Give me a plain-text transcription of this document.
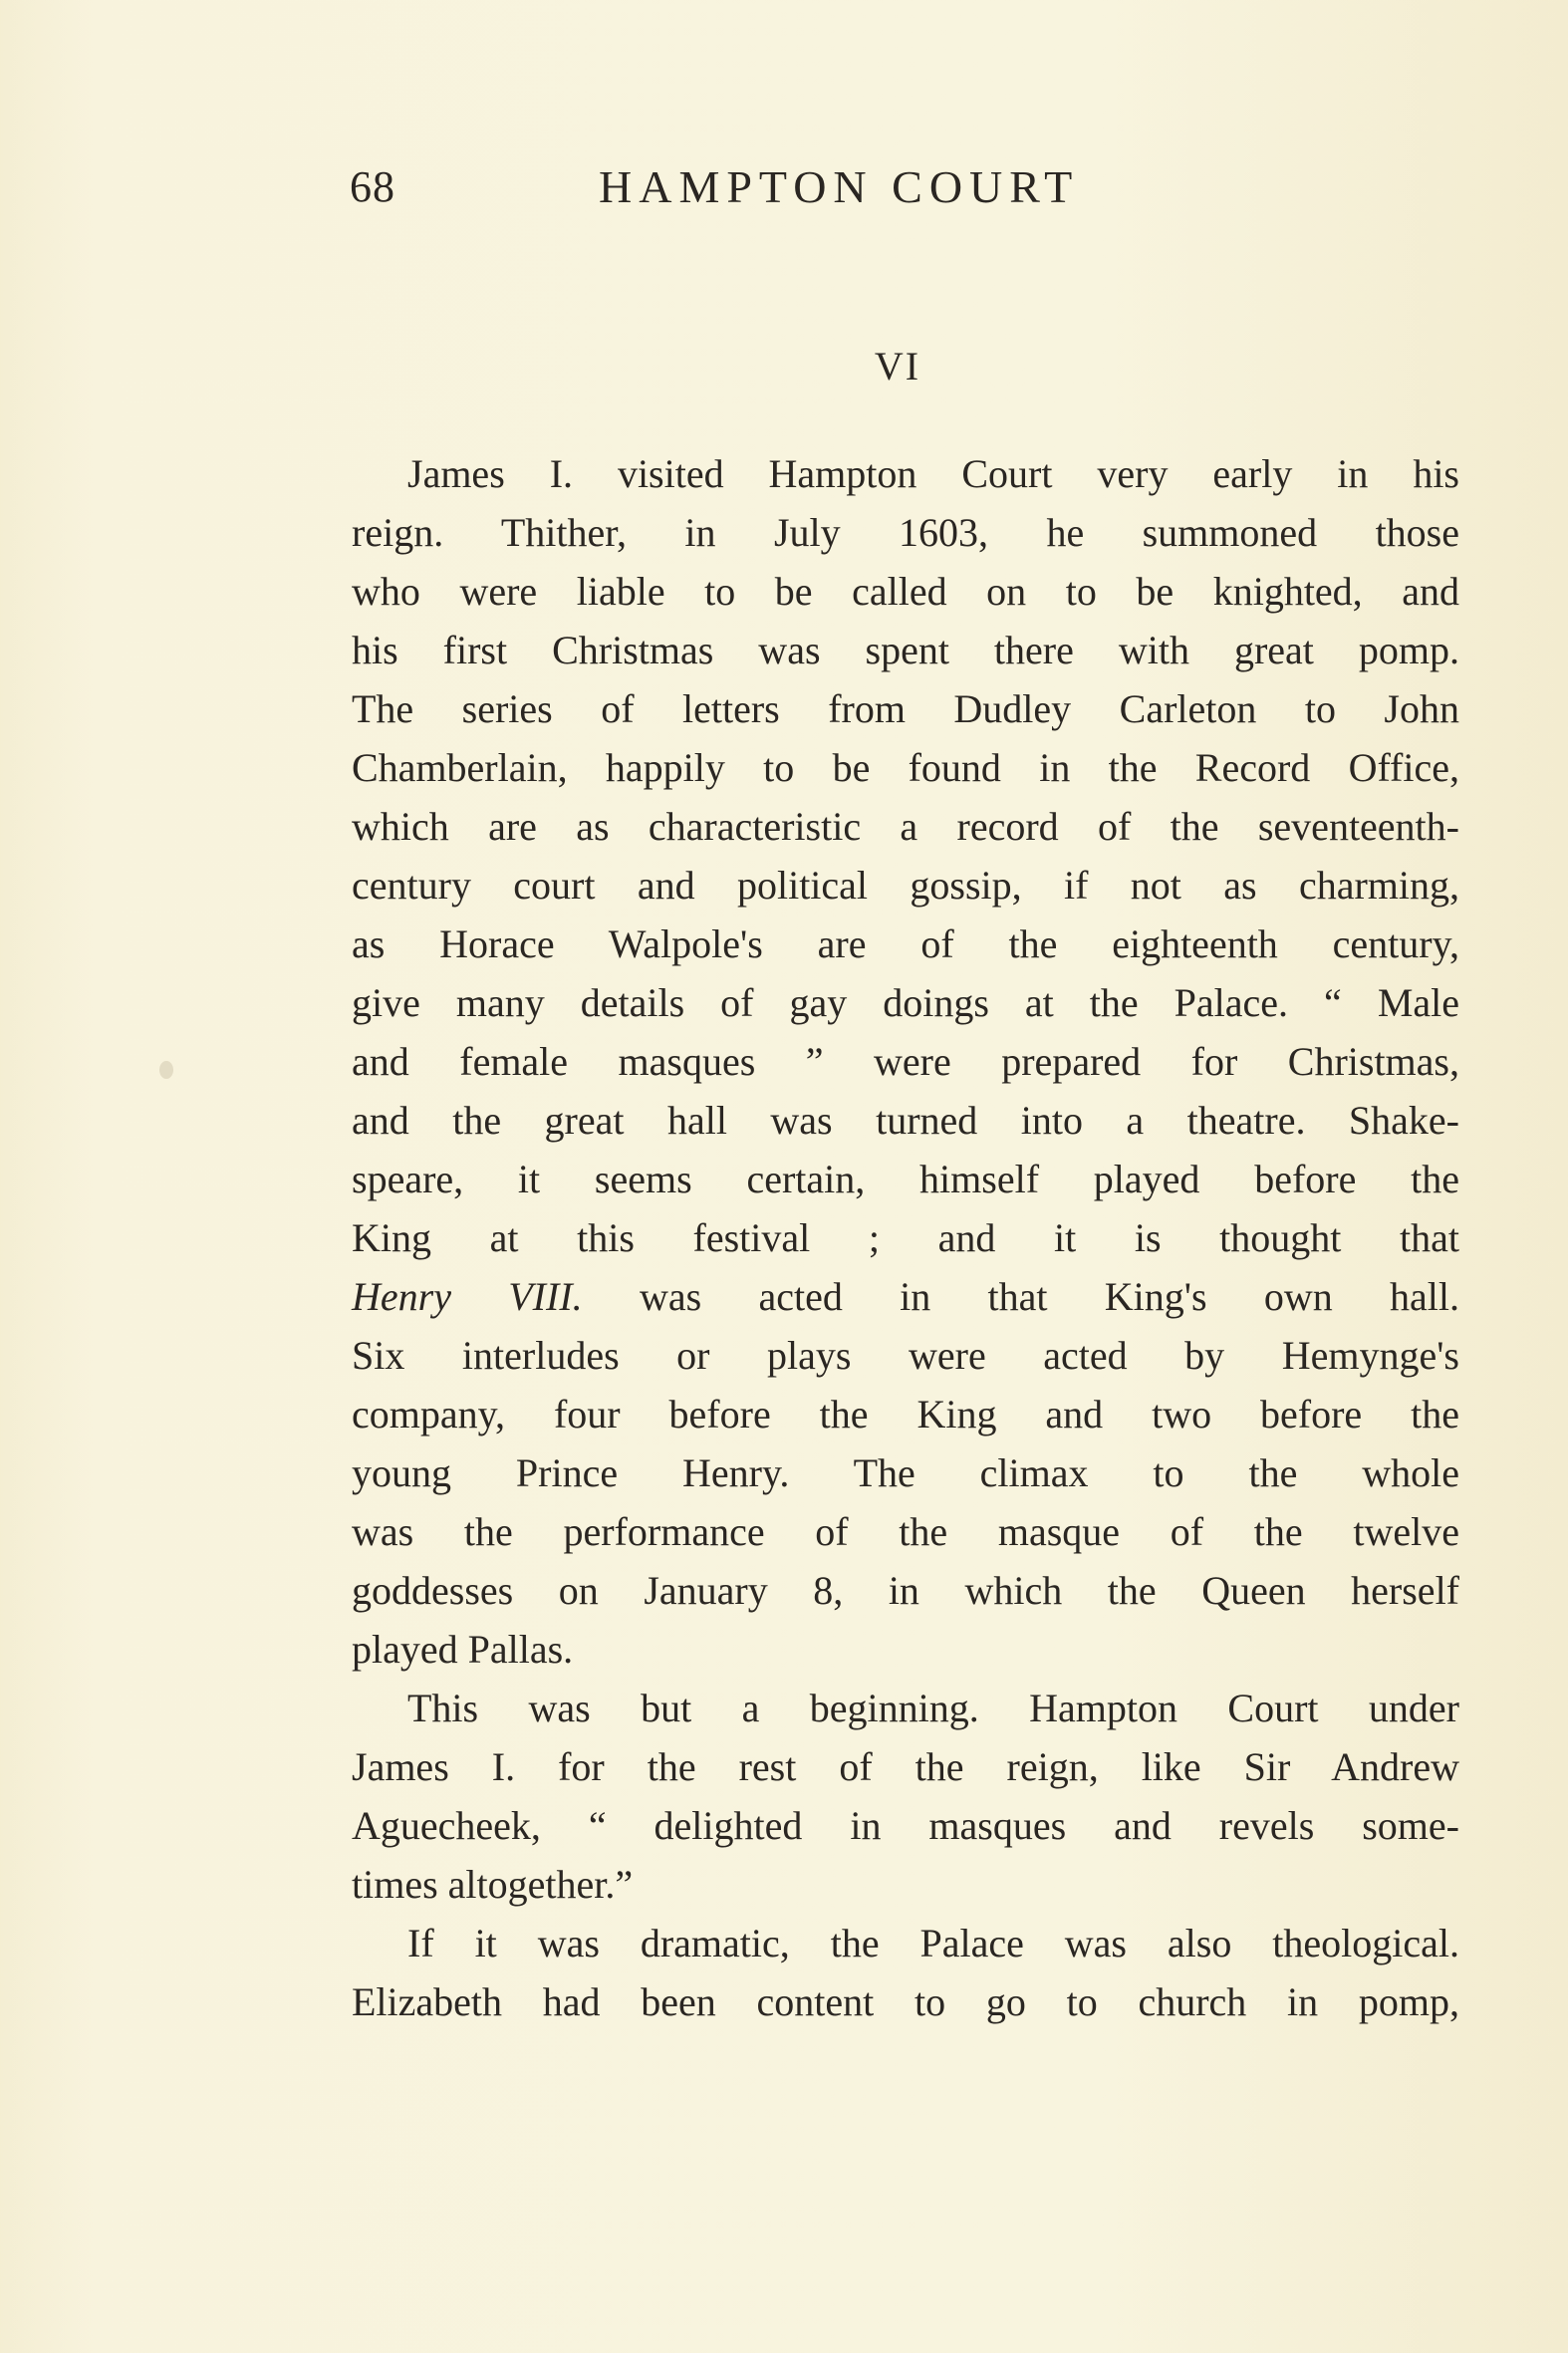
68	HAMPTON COURT
VI
James I. visited Hampton Court very early in his
reign. Thither, in July 1603, he summoned those
who were liable to be called on to be knighted, and
his first Christmas was spent there with great pomp.
The series of letters from Dudley Carleton to John
Chamberlain, happily to be found in the Record Office,
which are as characteristic a record of the seventeenth-
century court and political gossip, if not as charming,
as Horace Walpole's are of the eighteenth century,
give many details of gay doings at the Palace. “ Male
and female masques ” were prepared for Christmas,
and the great hall was turned into a theatre. Shake-
speare, it seems certain, himself played before the
King at this festival ; and it is thought that
Henry VIII. was acted in that King's own hall.
Six interludes or plays were acted by Hemynge's
company, four before the King and two before the
young Prince Henry. The climax to the whole
was the performance of the masque of the twelve
goddesses on January 8, in which the Queen herself
played Pallas.
This was but a beginning. Hampton Court under
James I. for the rest of the reign, like Sir Andrew
Aguecheek, “ delighted in masques and revels some-
times altogether.”
If it was dramatic, the Palace was also theological.
Elizabeth had been content to go to church in pomp,
